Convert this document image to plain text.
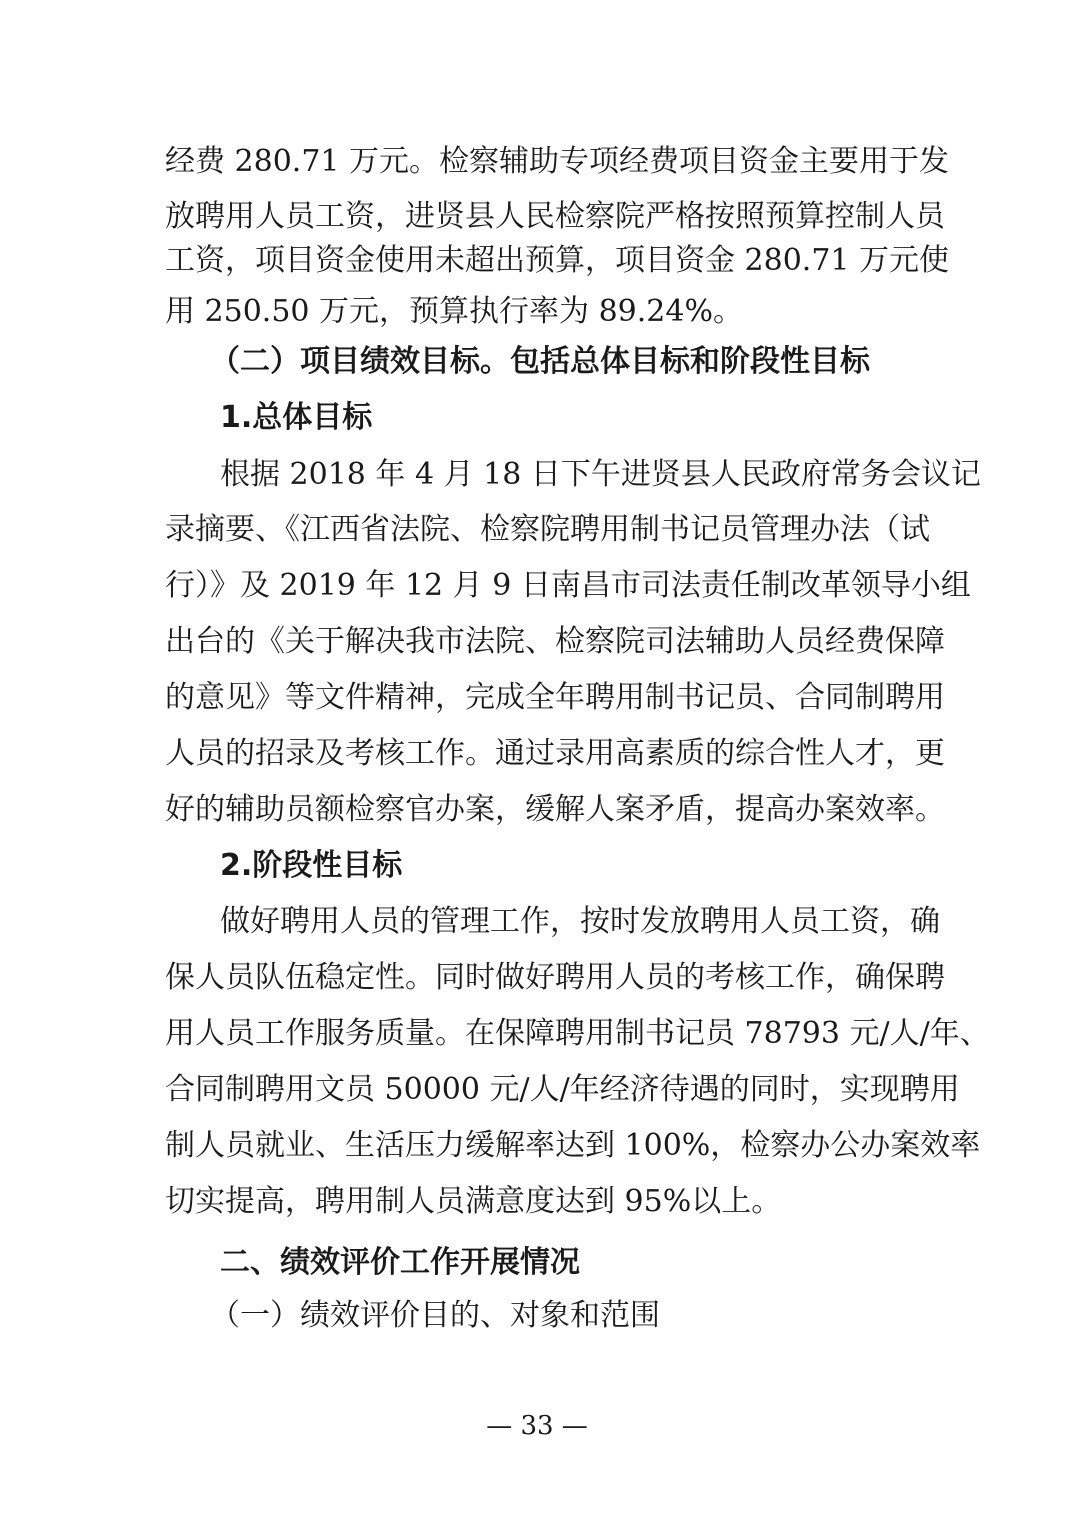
经费 280.71 万元。检察辅助专项经费项目资金主要用于发
放聘用人员工资，进贤县人民检察院严格按照预算控制人员
工资，项目资金使用未超出预算，项目资金 280.71 万元使
用 250.50 万元，预算执行率为 89.24%。
（二）项目绩效目标。包括总体目标和阶段性目标
1.总体目标
根据 2018 年 4 月 18 日下午进贤县人民政府常务会议记
录摘要、《江西省法院、检察院聘用制书记员管理办法（试
行）》及 2019 年 12 月 9 日南昌市司法责任制改革领导小组
出台的《关于解决我市法院、检察院司法辅助人员经费保障
的意见》等文件精神，完成全年聘用制书记员、合同制聘用
人员的招录及考核工作。通过录用高素质的综合性人才，更
好的辅助员额检察官办案，缓解人案矛盾，提高办案效率。
2.阶段性目标
做好聘用人员的管理工作，按时发放聘用人员工资，确
保人员队伍稳定性。同时做好聘用人员的考核工作，确保聘
用人员工作服务质量。在保障聘用制书记员 78793 元/人/年、
合同制聘用文员 50000 元/人/年经济待遇的同时，实现聘用
制人员就业、生活压力缓解率达到 100%，检察办公办案效率
切实提高，聘用制人员满意度达到 95%以上。
二、绩效评价工作开展情况
（一）绩效评价目的、对象和范围
— 33 —
